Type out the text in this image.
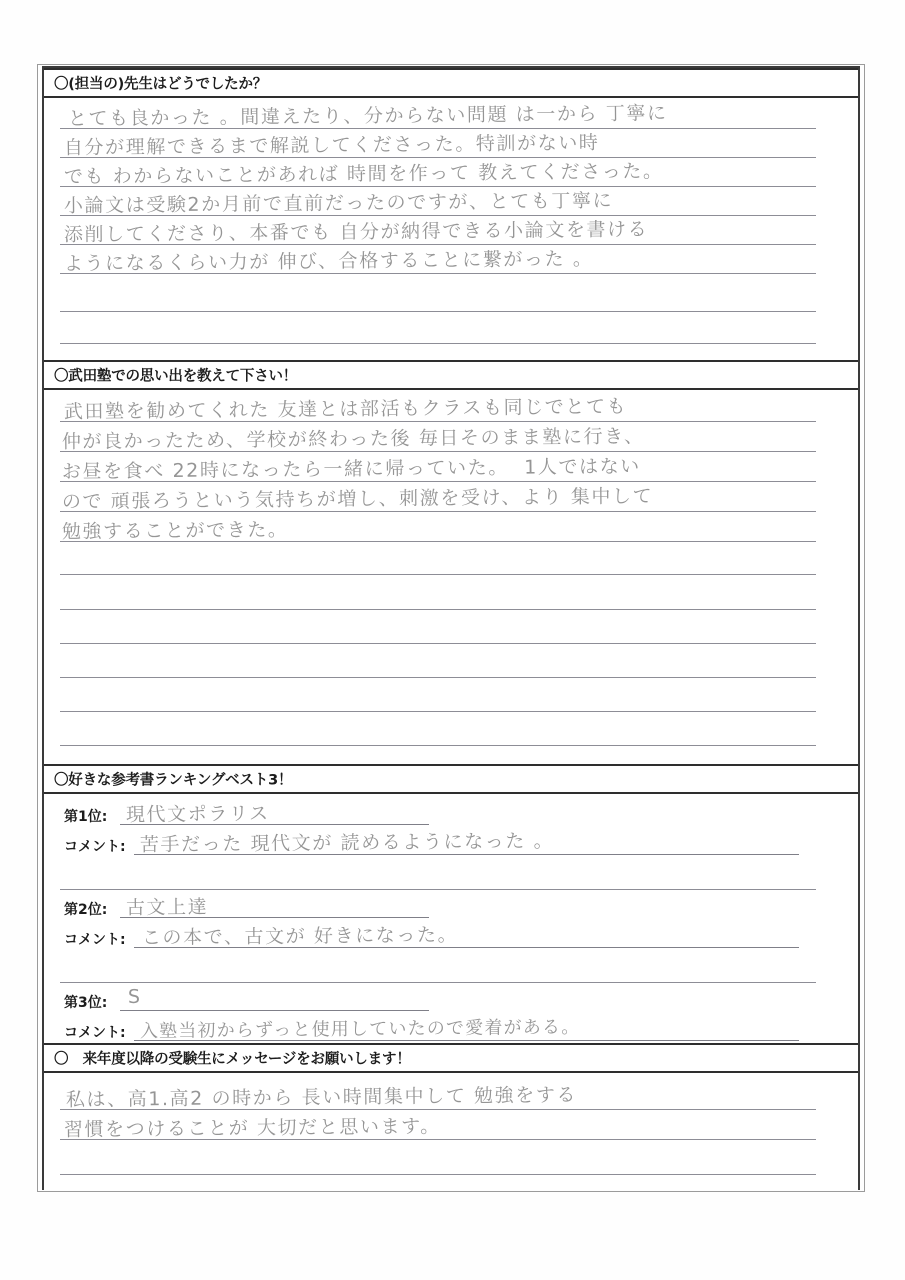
〇(担当の)先生はどうでしたか？
とても良かった 。間違えたり、分からない問題 は一から 丁寧に
自分が理解できるまで解説してくださった。特訓がない時
でも わからないことがあれば 時間を作って 教えてくださった。
小論文は受験2か月前で直前だったのですが、とても丁寧に
添削してくださり、本番でも 自分が納得できる小論文を書ける
ようになるくらい力が 伸び、合格することに繋がった 。
〇武田塾での思い出を教えて下さい！
武田塾を勧めてくれた 友達とは部活もクラスも同じでとても
仲が良かったため、学校が終わった後 毎日そのまま塾に行き、
お昼を食べ 22時になったら一緒に帰っていた。  1人ではない
ので 頑張ろうという気持ちが増し、刺激を受け、より 集中して
勉強することができた。
〇好きな参考書ランキングベスト3！
第1位: 現代文ポラリス
コメント: 苦手だった 現代文が 読めるようになった 。
第2位: 古文上達
コメント: この本で、古文が 好きになった。
第3位: S
コメント: 入塾当初からずっと使用していたので愛着がある。
〇　来年度以降の受験生にメッセージをお願いします！
私は、高1.高2 の時から 長い時間集中して 勉強をする
習慣をつけることが 大切だと思います。
